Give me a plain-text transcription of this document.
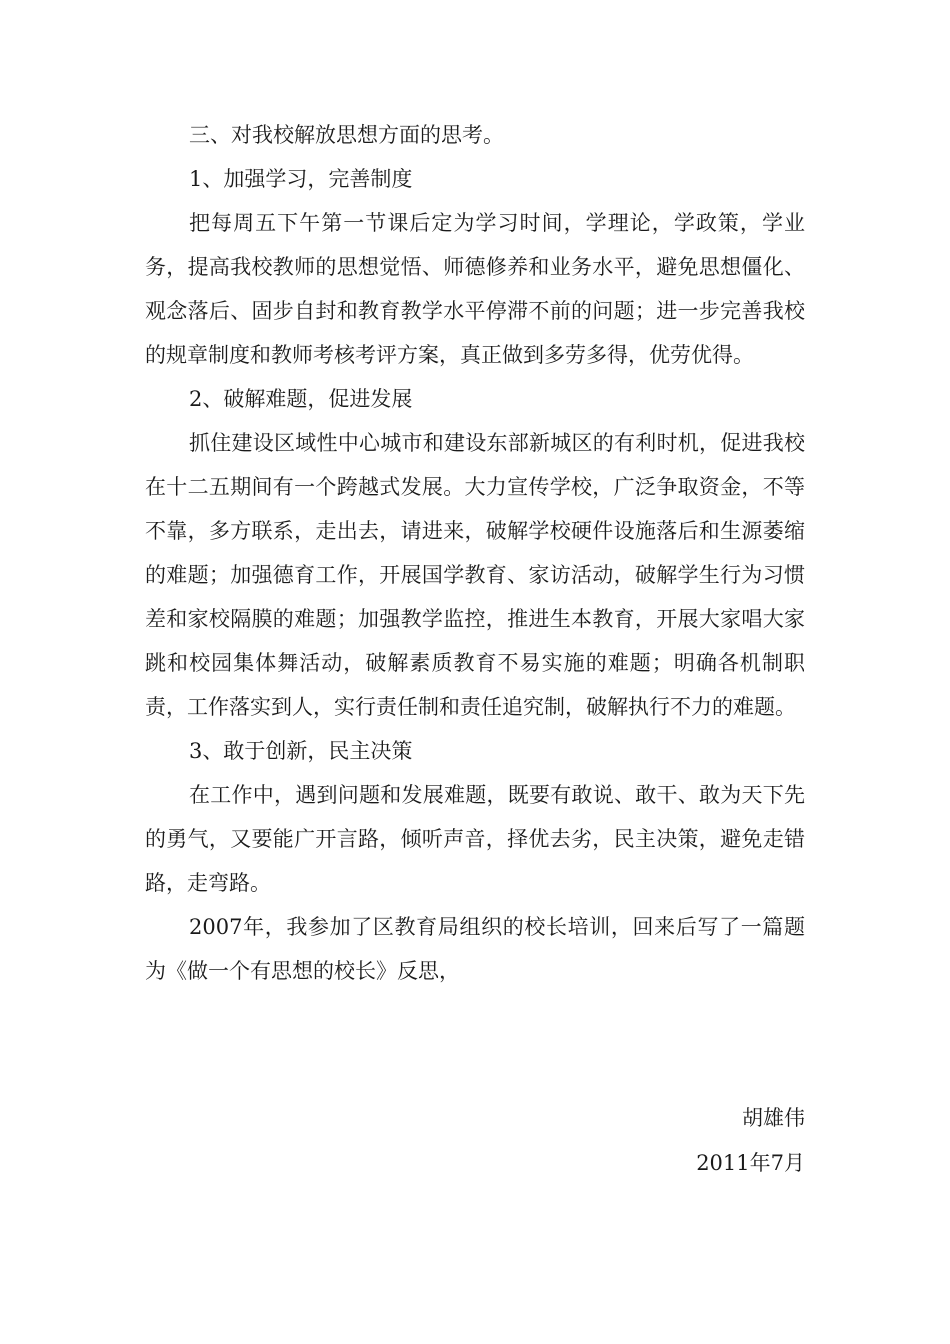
三、对我校解放思想方面的思考。

1、加强学习，完善制度

把每周五下午第一节课后定为学习时间，学理论，学政策，学业务，提高我校教师的思想觉悟、师德修养和业务水平，避免思想僵化、观念落后、固步自封和教育教学水平停滞不前的问题；进一步完善我校的规章制度和教师考核考评方案，真正做到多劳多得，优劳优得。

2、破解难题，促进发展

抓住建设区域性中心城市和建设东部新城区的有利时机，促进我校在十二五期间有一个跨越式发展。大力宣传学校，广泛争取资金，不等不靠，多方联系，走出去，请进来，破解学校硬件设施落后和生源萎缩的难题；加强德育工作，开展国学教育、家访活动，破解学生行为习惯差和家校隔膜的难题；加强教学监控，推进生本教育，开展大家唱大家跳和校园集体舞活动，破解素质教育不易实施的难题；明确各机制职责，工作落实到人，实行责任制和责任追究制，破解执行不力的难题。

3、敢于创新，民主决策

在工作中，遇到问题和发展难题，既要有敢说、敢干、敢为天下先的勇气，又要能广开言路，倾听声音，择优去劣，民主决策，避免走错路，走弯路。

2007年，我参加了区教育局组织的校长培训，回来后写了一篇题为《做一个有思想的校长》反思，

胡雄伟
2011年7月
